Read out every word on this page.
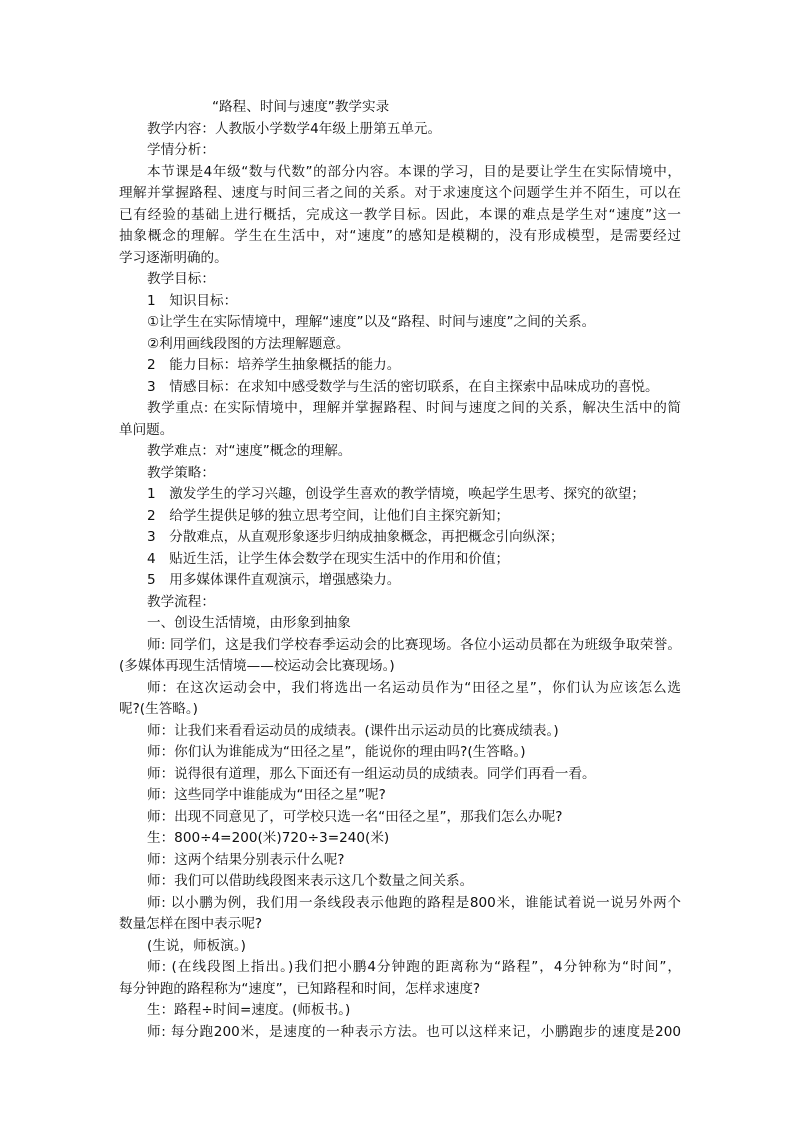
“路程、时间与速度”教学实录
教学内容：人教版小学数学4年级上册第五单元。
学情分析：
本节课是4年级“数与代数”的部分内容。本课的学习，目的是要让学生在实际情境中，
理解并掌握路程、速度与时间三者之间的关系。对于求速度这个问题学生并不陌生，可以在
已有经验的基础上进行概括，完成这一教学目标。因此，本课的难点是学生对“速度”这一
抽象概念的理解。学生在生活中，对“速度”的感知是模糊的，没有形成模型，是需要经过
学习逐渐明确的。
教学目标：
1　知识目标：
①让学生在实际情境中，理解“速度”以及“路程、时间与速度”之间的关系。
②利用画线段图的方法理解题意。
2　能力目标：培养学生抽象概括的能力。
3　情感目标：在求知中感受数学与生活的密切联系，在自主探索中品味成功的喜悦。
教学重点: 在实际情境中，理解并掌握路程、时间与速度之间的关系，解决生活中的简
单问题。
教学难点：对“速度”概念的理解。
教学策略：
1　激发学生的学习兴趣，创设学生喜欢的教学情境，唤起学生思考、探究的欲望；
2　给学生提供足够的独立思考空间，让他们自主探究新知；
3　分散难点，从直观形象逐步归纳成抽象概念，再把概念引向纵深；
4　贴近生活，让学生体会数学在现实生活中的作用和价值；
5　用多媒体课件直观演示，增强感染力。
教学流程：
一、创设生活情境，由形象到抽象
师: 同学们，这是我们学校春季运动会的比赛现场。各位小运动员都在为班级争取荣誉。
(多媒体再现生活情境——校运动会比赛现场。)
师：在这次运动会中，我们将选出一名运动员作为“田径之星”，你们认为应该怎么选
呢?(生答略。)
师：让我们来看看运动员的成绩表。(课件出示运动员的比赛成绩表。)
师：你们认为谁能成为“田径之星”，能说你的理由吗?(生答略。)
师：说得很有道理，那么下面还有一组运动员的成绩表。同学们再看一看。
师：这些同学中谁能成为“田径之星”呢?
师：出现不同意见了，可学校只选一名“田径之星”，那我们怎么办呢?
生：800÷4=200(米)720÷3=240(米)
师：这两个结果分别表示什么呢?
师：我们可以借助线段图来表示这几个数量之间关系。
师: 以小鹏为例，我们用一条线段表示他跑的路程是800米，谁能试着说一说另外两个
数量怎样在图中表示呢?
(生说，师板演。)
师: (在线段图上指出。)我们把小鹏4分钟跑的距离称为“路程”，4分钟称为“时间”，
每分钟跑的路程称为“速度”，已知路程和时间，怎样求速度?
生：路程÷时间=速度。(师板书。)
师: 每分跑200米，是速度的一种表示方法。也可以这样来记，小鹏跑步的速度是200
